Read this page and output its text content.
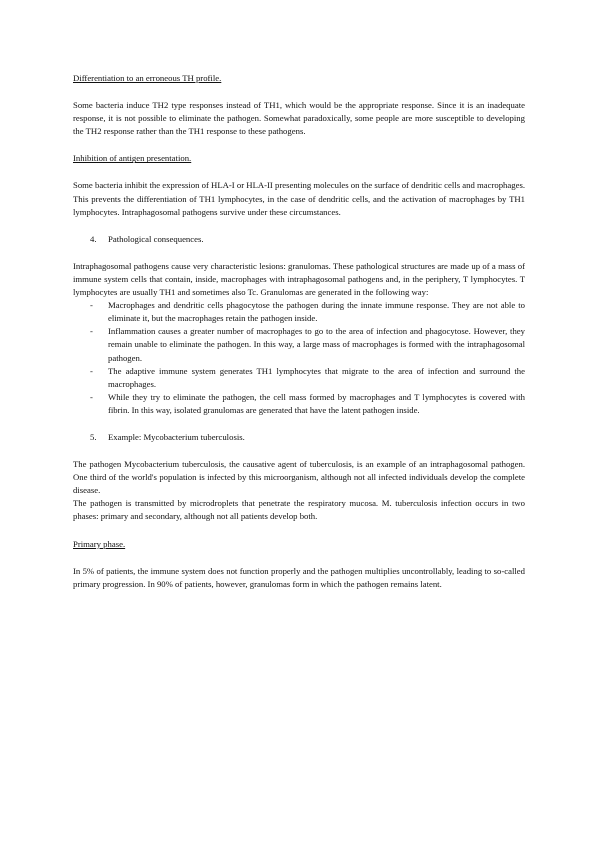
Differentiation to an erroneous TH profile.

Some bacteria induce TH2 type responses instead of TH1, which would be the appropriate response. Since it is an inadequate response, it is not possible to eliminate the pathogen. Somewhat paradoxically, some people are more susceptible to developing the TH2 response rather than the TH1 response to these pathogens.

Inhibition of antigen presentation.

Some bacteria inhibit the expression of HLA-I or HLA-II presenting molecules on the surface of dendritic cells and macrophages. This prevents the differentiation of TH1 lymphocytes, in the case of dendritic cells, and the activation of macrophages by TH1 lymphocytes. Intraphagosomal pathogens survive under these circumstances.

4.	Pathological consequences.

Intraphagosomal pathogens cause very characteristic lesions: granulomas. These pathological structures are made up of a mass of immune system cells that contain, inside, macrophages with intraphagosomal pathogens and, in the periphery, T lymphocytes. T lymphocytes are usually TH1 and sometimes also Tc. Granulomas are generated in the following way:

-	Macrophages and dendritic cells phagocytose the pathogen during the innate immune response. They are not able to eliminate it, but the macrophages retain the pathogen inside.
-	Inflammation causes a greater number of macrophages to go to the area of infection and phagocytose. However, they remain unable to eliminate the pathogen. In this way, a large mass of macrophages is formed with the intraphagosomal pathogen.
-	The adaptive immune system generates TH1 lymphocytes that migrate to the area of infection and surround the macrophages.
-	While they try to eliminate the pathogen, the cell mass formed by macrophages and T lymphocytes is covered with fibrin. In this way, isolated granulomas are generated that have the latent pathogen inside.
5.	Example: Mycobacterium tuberculosis.

The pathogen Mycobacterium tuberculosis, the causative agent of tuberculosis, is an example of an intraphagosomal pathogen. One third of the world's population is infected by this microorganism, although not all infected individuals develop the complete disease.

The pathogen is transmitted by microdroplets that penetrate the respiratory mucosa. M. tuberculosis infection occurs in two phases: primary and secondary, although not all patients develop both.

Primary phase.

In 5% of patients, the immune system does not function properly and the pathogen multiplies uncontrollably, leading to so-called primary progression. In 90% of patients, however, granulomas form in which the pathogen remains latent.
